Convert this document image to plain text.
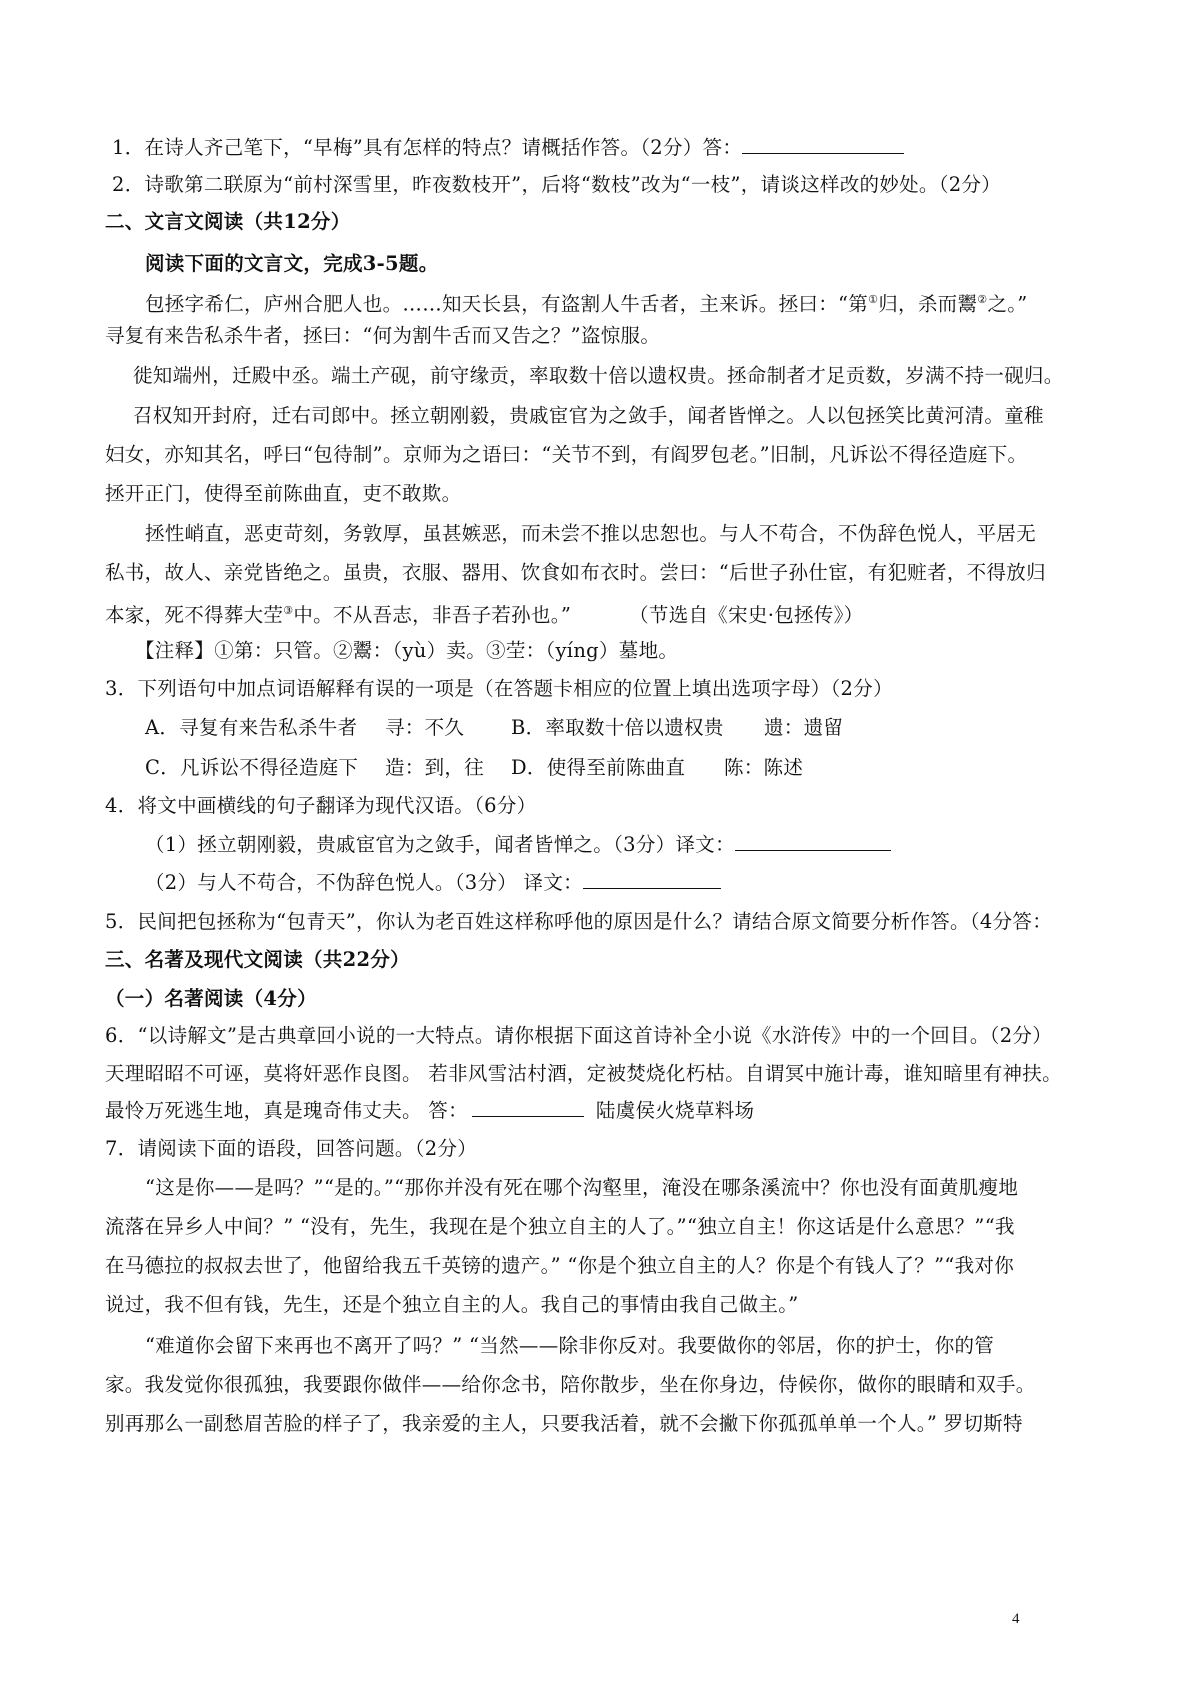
1．在诗人齐己笔下，“早梅”具有怎样的特点？请概括作答。（2分）答：
2．诗歌第二联原为“前村深雪里，昨夜数枝开”，后将“数枝”改为“一枝”，请谈这样改的妙处。（2分）
二、文言文阅读（共12分）
阅读下面的文言文，完成3-5题。
包拯字希仁，庐州合肥人也。……知天长县，有盗割人牛舌者，主来诉。拯曰：“第①归，杀而鬻②之。”
寻复有来告私杀牛者，拯曰：“何为割牛舌而又告之？”盗惊服。
徙知端州，迁殿中丞。端土产砚，前守缘贡，率取数十倍以遗权贵。拯命制者才足贡数，岁满不持一砚归。
召权知开封府，迁右司郎中。拯立朝刚毅，贵戚宦官为之敛手，闻者皆惮之。人以包拯笑比黄河清。童稚
妇女，亦知其名，呼曰“包待制”。京师为之语曰：“关节不到，有阎罗包老。”旧制，凡诉讼不得径造庭下。
拯开正门，使得至前陈曲直，吏不敢欺。
拯性峭直，恶吏苛刻，务敦厚，虽甚嫉恶，而未尝不推以忠恕也。与人不苟合，不伪辞色悦人，平居无
私书，故人、亲党皆绝之。虽贵，衣服、器用、饮食如布衣时。尝曰：“后世子孙仕宦，有犯赃者，不得放归
本家，死不得葬大茔③中。不从吾志，非吾子若孙也。”	（节选自《宋史·包拯传》）
【注释】①第：只管。②鬻：（yù）卖。③茔：（yíng）墓地。
3．下列语句中加点词语解释有误的一项是（在答题卡相应的位置上填出选项字母）（2分）
A．寻复有来告私杀牛者 寻：不久 B．率取数十倍以遗权贵 遗：遗留
C．凡诉讼不得径造庭下 造：到，往 D．使得至前陈曲直 陈：陈述
4．将文中画横线的句子翻译为现代汉语。（6分）
（1）拯立朝刚毅，贵戚宦官为之敛手，闻者皆惮之。（3分）译文：
（2）与人不苟合，不伪辞色悦人。（3分） 译文：
5．民间把包拯称为“包青天”，你认为老百姓这样称呼他的原因是什么？请结合原文简要分析作答。（4分答：
三、名著及现代文阅读（共22分）
（一）名著阅读（4分）
6．“以诗解文”是古典章回小说的一大特点。请你根据下面这首诗补全小说《水浒传》中的一个回目。（2分）
天理昭昭不可诬，莫将奸恶作良图。 若非风雪沽村酒，定被焚烧化朽枯。自谓冥中施计毒，谁知暗里有神扶。
最怜万死逃生地，真是瑰奇伟丈夫。 答：	陆虞侯火烧草料场
7．请阅读下面的语段，回答问题。（2分）
“这是你——是吗？”“是的。”“那你并没有死在哪个沟壑里，淹没在哪条溪流中？你也没有面黄肌瘦地
流落在异乡人中间？” “没有，先生，我现在是个独立自主的人了。”“独立自主！你这话是什么意思？”“我
在马德拉的叔叔去世了，他留给我五千英镑的遗产。” “你是个独立自主的人？你是个有钱人了？”“我对你
说过，我不但有钱，先生，还是个独立自主的人。我自己的事情由我自己做主。”
“难道你会留下来再也不离开了吗？” “当然——除非你反对。我要做你的邻居，你的护士，你的管
家。我发觉你很孤独，我要跟你做伴——给你念书，陪你散步，坐在你身边，侍候你，做你的眼睛和双手。
别再那么一副愁眉苦脸的样子了，我亲爱的主人，只要我活着，就不会撇下你孤孤单单一个人。” 罗切斯特
4
